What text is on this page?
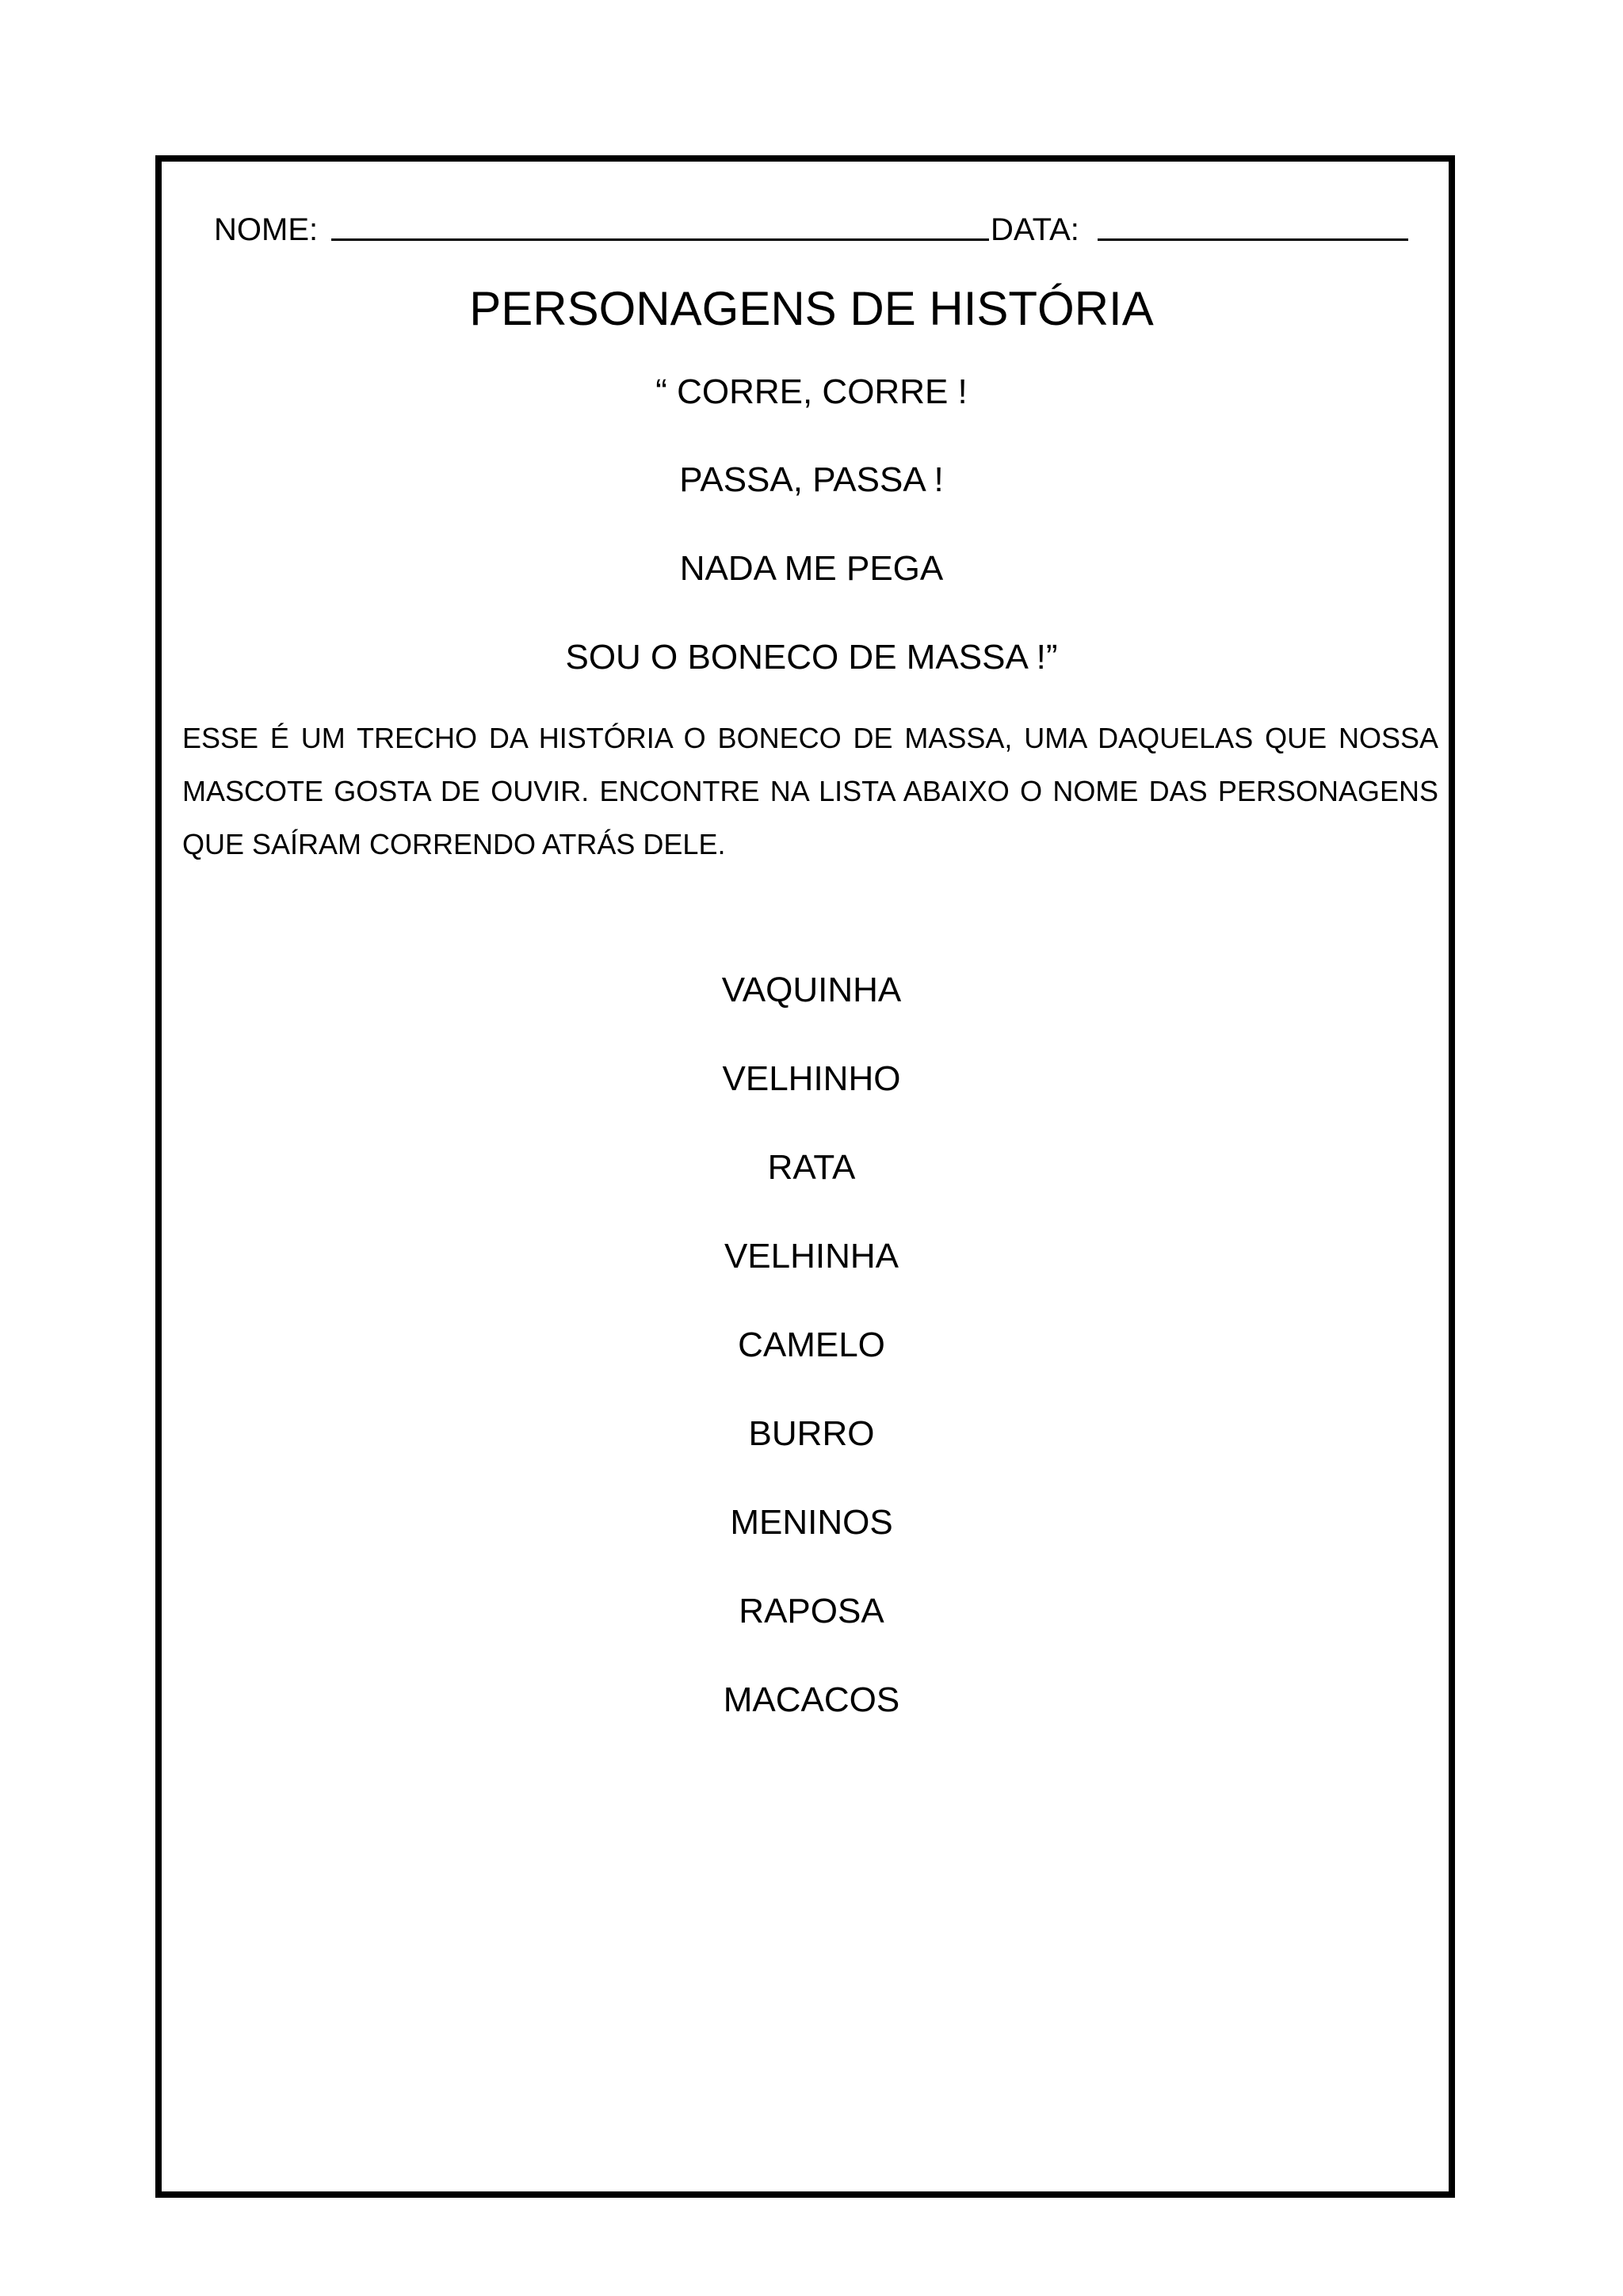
NOME:	DATA:
PERSONAGENS DE HISTÓRIA
“ CORRE, CORRE !
PASSA, PASSA !
NADA ME PEGA
SOU O BONECO DE MASSA !”
ESSE É UM TRECHO DA HISTÓRIA O BONECO DE MASSA, UMA DAQUELAS QUE NOSSA MASCOTE GOSTA DE OUVIR. ENCONTRE NA LISTA ABAIXO O NOME DAS PERSONAGENS QUE SAÍRAM CORRENDO ATRÁS DELE.
VAQUINHA
VELHINHO
RATA
VELHINHA
CAMELO
BURRO
MENINOS
RAPOSA
MACACOS
